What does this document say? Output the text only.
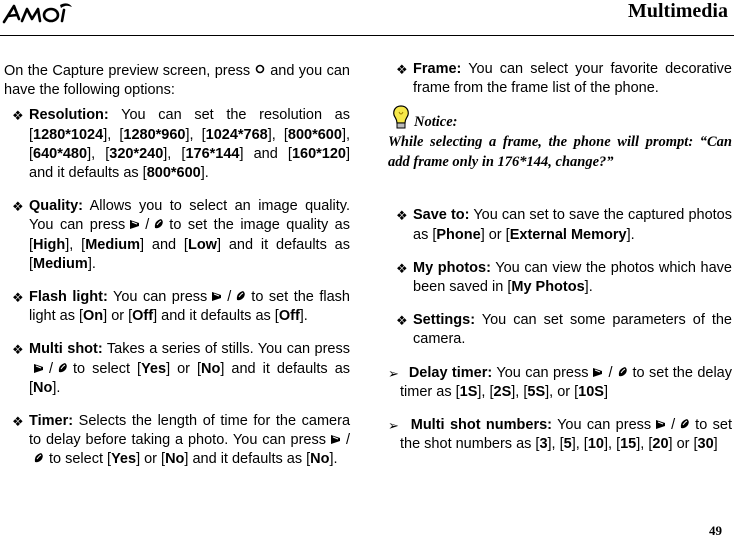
Multimedia

On the Capture preview screen, press and you can have the following options:

❖ Resolution: You can set the resolution as [1280*1024], [1280*960], [1024*768], [800*600], [640*480], [320*240], [176*144] and [160*120] and it defaults as [800*600].
❖ Quality: Allows you to select an image quality. You can press / to set the image quality as [High], [Medium] and [Low] and it defaults as [Medium].
❖ Flash light: You can press / to set the flash light as [On] or [Off] and it defaults as [Off].
❖ Multi shot: Takes a series of stills. You can press/ to select [Yes] or [No] and it defaults as [No].
❖ Timer: Selects the length of time for the camera to delay before taking a photo. You can press /to select [Yes] or [No] and it defaults as [No].
❖ Frame: You can select your favorite decorative frame from the frame list of the phone.
Notice:
While selecting a frame, the phone will prompt: “Can add frame only in 176*144, change?”
❖ Save to: You can set to save the captured photos as [Phone] or [External Memory].
❖ My photos: You can view the photos which have been saved in [My Photos].
❖ Settings: You can set some parameters of the camera.
➢ Delay timer: You can press / to set the delay timer as [1S], [2S], [5S], or [10S]
➢ Multi shot numbers: You can press / to set the shot numbers as [3], [5], [10], [15], [20] or [30]
49
